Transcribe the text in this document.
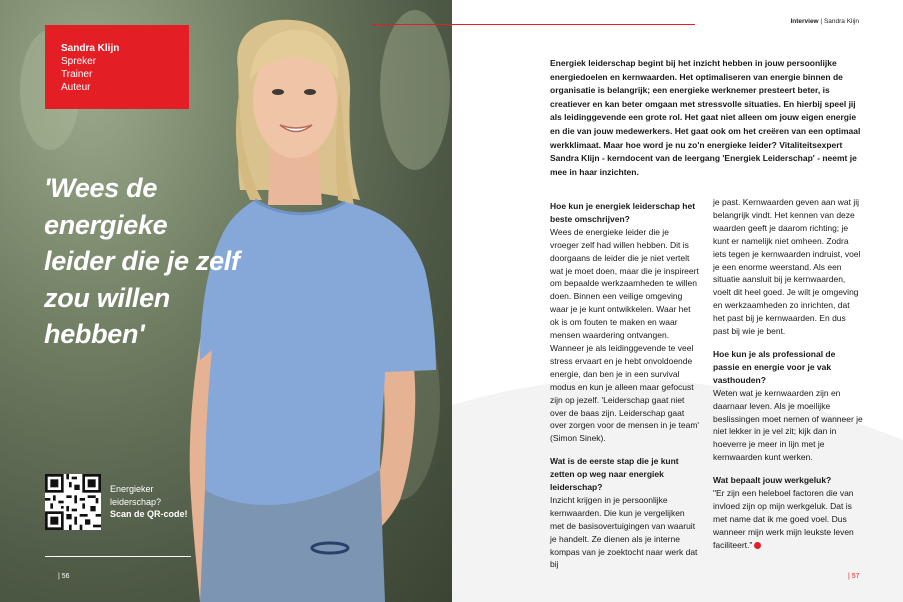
Sandra Klijn
Spreker
Trainer
Auteur
'Wees de energieke leider die je zelf zou willen hebben'
Energieker
leiderschap?
Scan de QR-code!
| 56
Interview | Sandra Klijn
Energiek leiderschap begint bij het inzicht hebben in jouw persoonlijke energiedoelen en kernwaarden. Het optimaliseren van energie binnen de organisatie is belangrijk; een energieke werknemer presteert beter, is creatiever en kan beter omgaan met stressvolle situaties. En hierbij speel jij als leidinggevende een grote rol. Het gaat niet alleen om jouw eigen energie en die van jouw medewerkers. Het gaat ook om het creëren van een optimaal werkklimaat. Maar hoe word je nu zo'n energieke leider? Vitaliteitsexpert Sandra Klijn - kerndocent van de leergang 'Energiek Leiderschap' - neemt je mee in haar inzichten.
Hoe kun je energiek leiderschap het beste omschrijven?

Wees de energieke leider die je vroeger zelf had willen hebben. Dit is doorgaans de leider die je niet vertelt wat je moet doen, maar die je inspireert om bepaalde werkzaamheden te willen doen. Binnen een veilige omgeving waar je je kunt ontwikkelen. Waar het ok is om fouten te maken en waar mensen waardering ontvangen. Wanneer je als leidinggevende te veel stress ervaart en je hebt onvoldoende energie, dan ben je in een survival modus en kun je alleen maar gefocust zijn op jezelf. 'Leiderschap gaat niet over de baas zijn. Leiderschap gaat over zorgen voor de mensen in je team' (Simon Sinek).

Wat is de eerste stap die je kunt zetten op weg naar energiek leiderschap?

Inzicht krijgen in je persoonlijke kernwaarden. Die kun je vergelijken met de basisovertuigingen van waaruit je handelt. Ze dienen als je interne kompas van je zoektocht naar werk dat bij

je past. Kernwaarden geven aan wat jij belangrijk vindt. Het kennen van deze waarden geeft je daarom richting; je kunt er namelijk niet omheen. Zodra iets tegen je kernwaarden indruist, voel je een enorme weerstand. Als een situatie aansluit bij je kernwaarden, voelt dit heel goed. Je wilt je omgeving en werkzaamheden zo inrichten, dat het past bij je kernwaarden. En dus past bij wie je bent.

Hoe kun je als professional de passie en energie voor je vak vasthouden?

Weten wat je kernwaarden zijn en daarnaar leven. Als je moeilijke beslissingen moet nemen of wanneer je niet lekker in je vel zit; kijk dan in hoeverre je meer in lijn met je kernwaarden kunt werken.

Wat bepaalt jouw werkgeluk?

"Er zijn een heleboel factoren die van invloed zijn op mijn werkgeluk. Dat is met name dat ik me goed voel. Dus wanneer mijn werk mijn leukste leven faciliteert."

| 57
